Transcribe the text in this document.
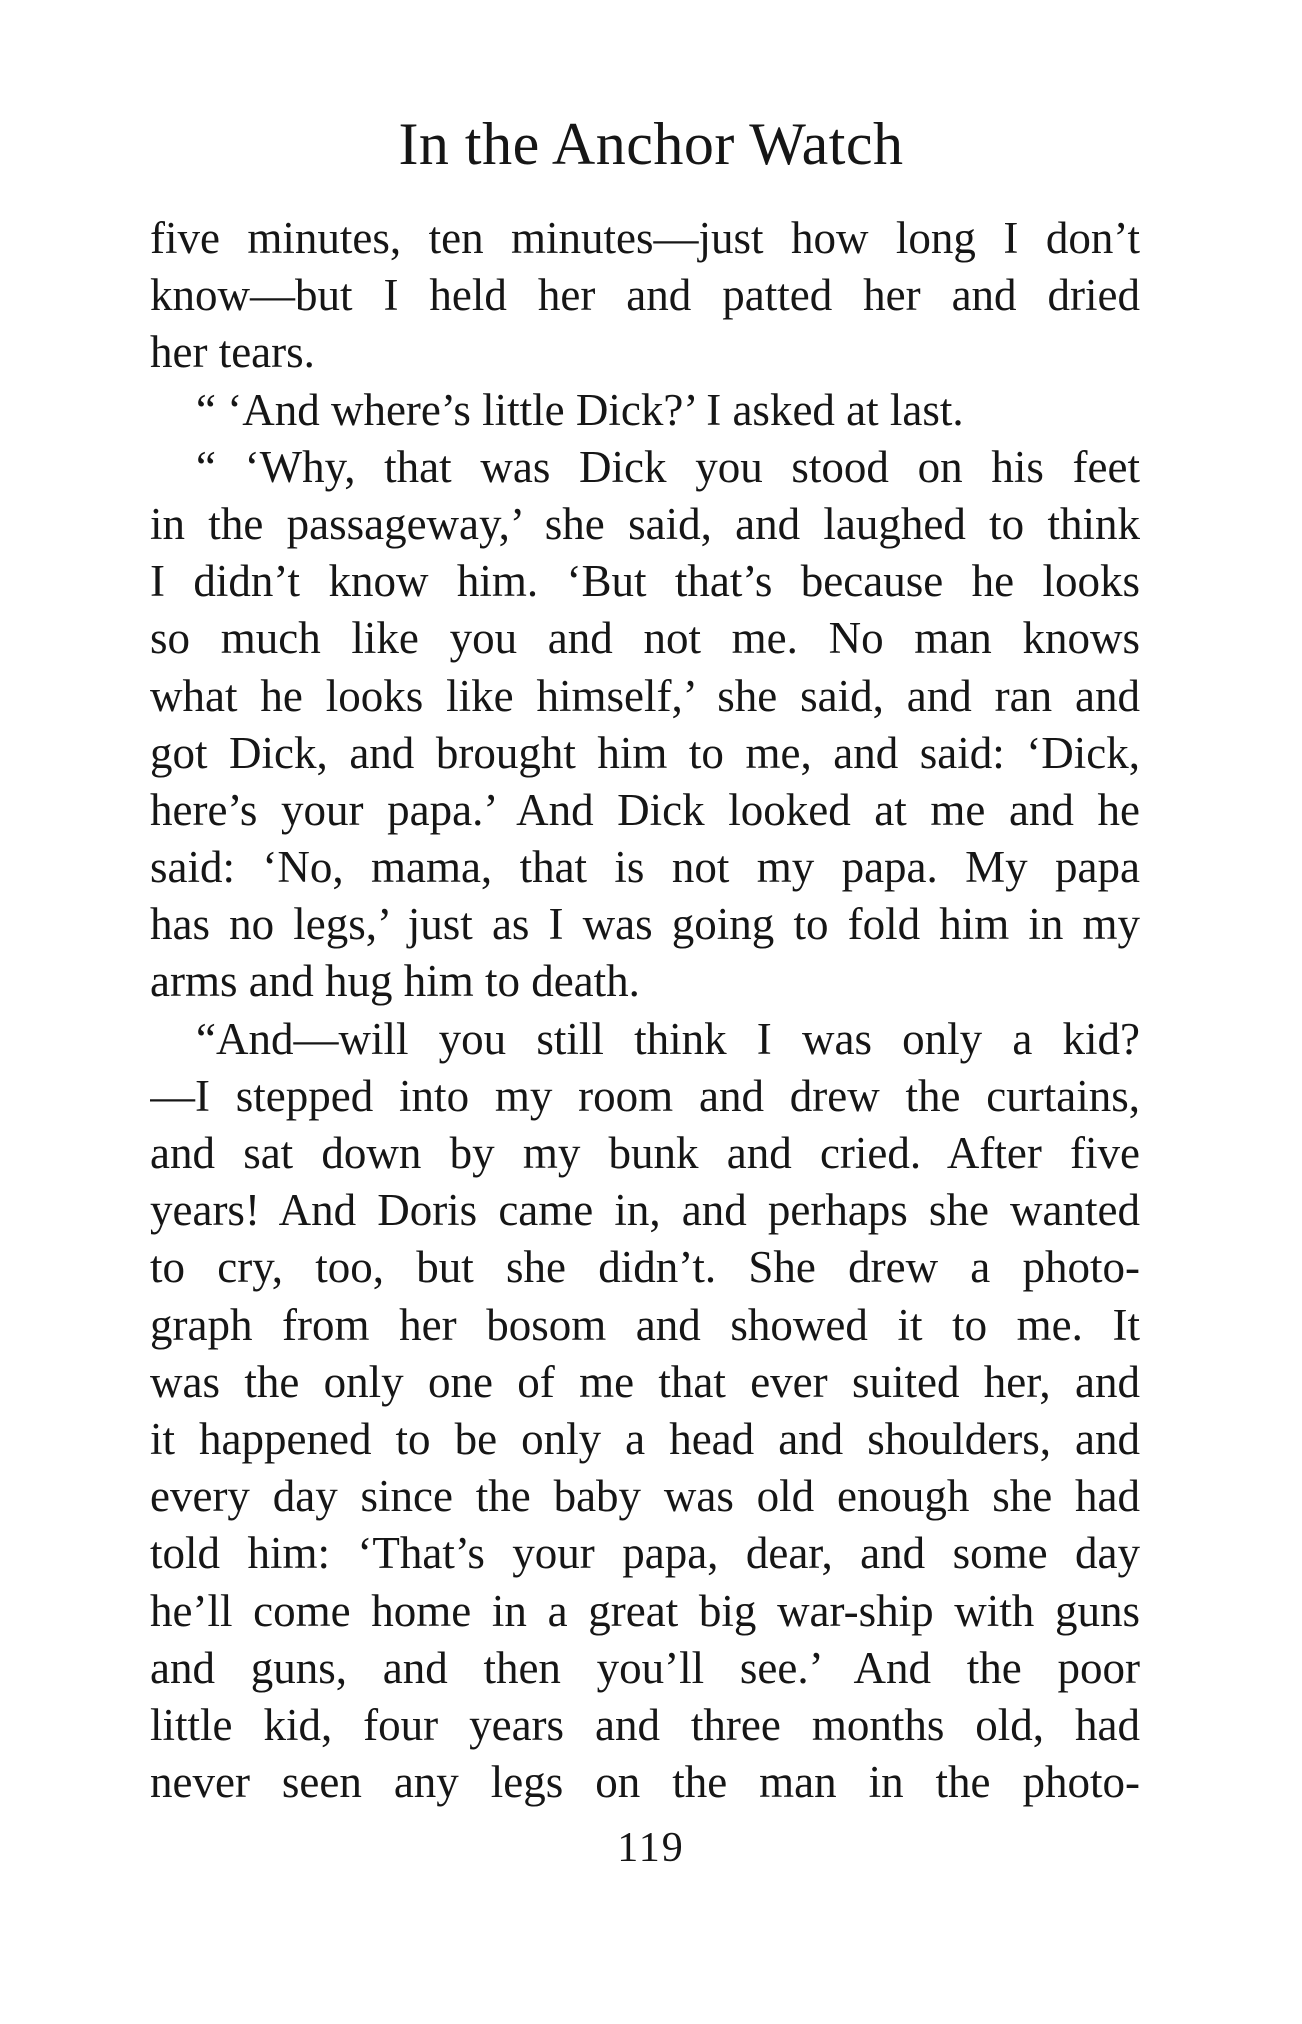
In the Anchor Watch
five minutes, ten minutes—just how long I don’t
know—but I held her and patted her and dried
her tears.
“ ‘And where’s little Dick?’ I asked at last.
“ ‘Why, that was Dick you stood on his feet
in the passageway,’ she said, and laughed to think
I didn’t know him. ‘But that’s because he looks
so much like you and not me. No man knows
what he looks like himself,’ she said, and ran and
got Dick, and brought him to me, and said: ‘Dick,
here’s your papa.’ And Dick looked at me and he
said: ‘No, mama, that is not my papa. My papa
has no legs,’ just as I was going to fold him in my
arms and hug him to death.
“And—will you still think I was only a kid?
—I stepped into my room and drew the curtains,
and sat down by my bunk and cried. After five
years! And Doris came in, and perhaps she wanted
to cry, too, but she didn’t. She drew a photo-
graph from her bosom and showed it to me. It
was the only one of me that ever suited her, and
it happened to be only a head and shoulders, and
every day since the baby was old enough she had
told him: ‘That’s your papa, dear, and some day
he’ll come home in a great big war-ship with guns
and guns, and then you’ll see.’ And the poor
little kid, four years and three months old, had
never seen any legs on the man in the photo-
119
